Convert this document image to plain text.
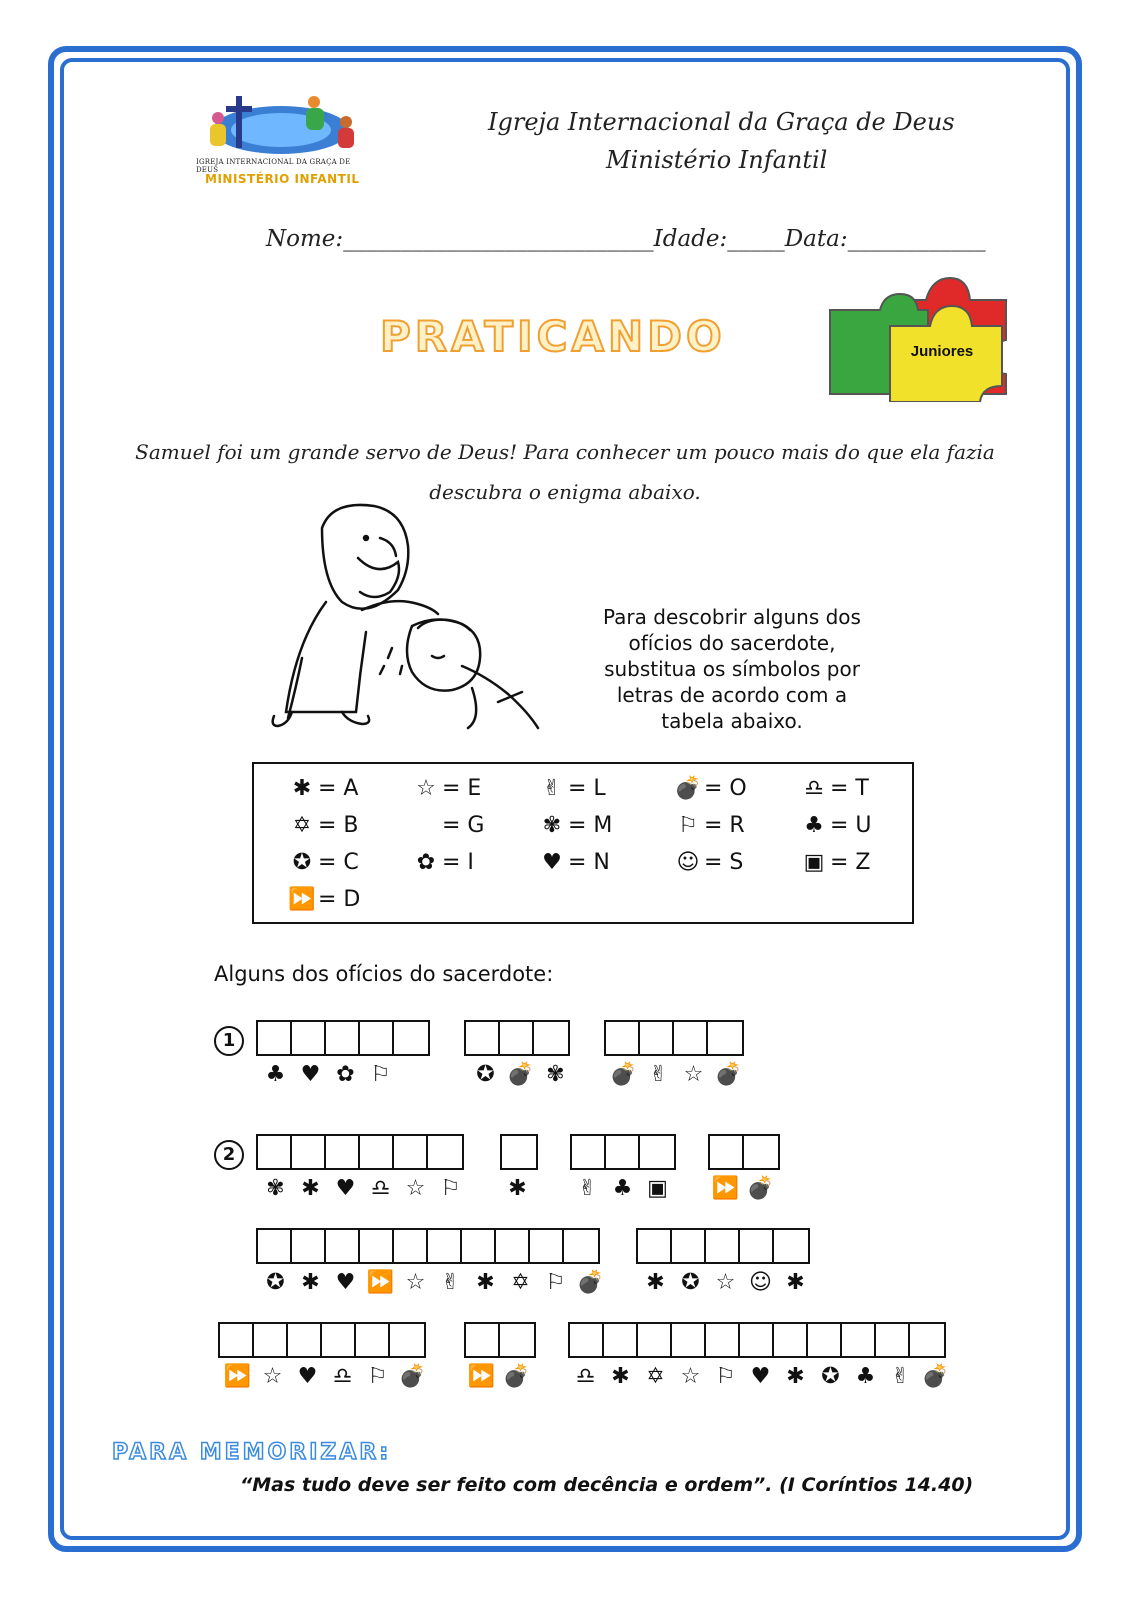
IGREJA INTERNACIONAL DA GRAÇA DE DEUS
MINISTÉRIO INFANTIL
Igreja Internacional da Graça de Deus
Ministério Infantil
Nome:___________________________Idade:_____Data:____________
PRATICANDO	Juniores
Samuel foi um grande servo de Deus! Para conhecer um pouco mais do que ela fazia descubra o enigma abaixo.
Para descobrir alguns dos
ofícios do sacerdote,
substitua os símbolos por
letras de acordo com a
tabela abaixo.
✱ = A
✡ = B
✪ = C
⏩ = D
☆ = E
= G
✿ = I
✌ = L
✾ = M
♥ = N
💣 = O
⚐ = R
☺ = S
♎ = T
♣ = U
▣ = Z
Alguns dos ofícios do sacerdote:
1
♣ ♥ ✿ ⚐	✪ 💣 ✾	💣 ✌ ☆ 💣
2
✾ ✱ ♥ ♎ ☆ ⚐	✱	✌ ♣ ▣	⏩ 💣
✪ ✱ ♥ ⏩ ☆ ✌ ✱ ✡ ⚐ 💣	✱ ✪ ☆ ☺ ✱
⏩ ☆ ♥ ♎ ⚐ 💣 ⏩ 💣	♎ ✱ ✡ ☆ ⚐ ♥ ✱ ✪ ♣ ✌ 💣
PARA MEMORIZAR:
“Mas tudo deve ser feito com decência e ordem”. (I Coríntios 14.40)
